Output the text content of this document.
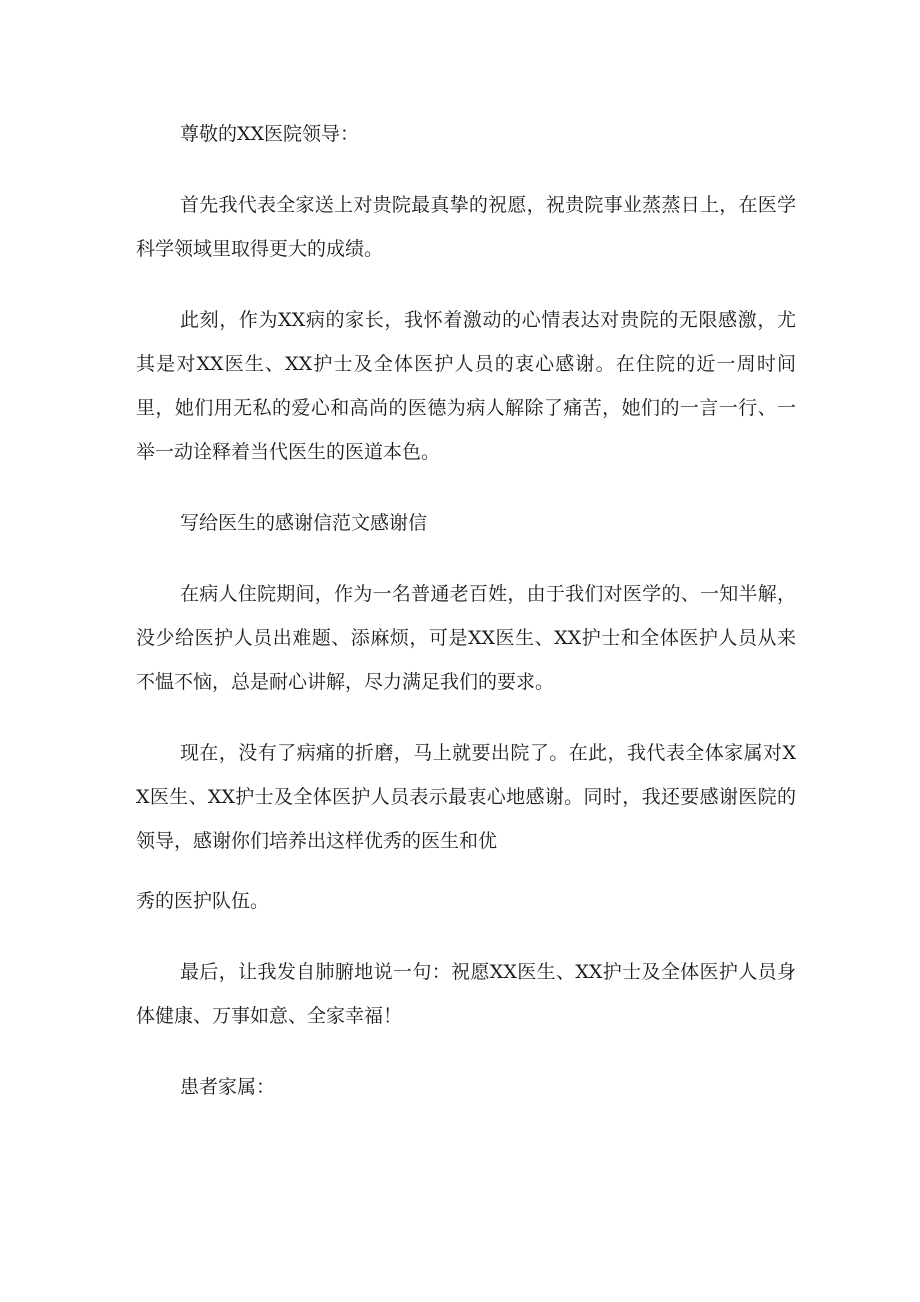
尊敬的XX医院领导：

首先我代表全家送上对贵院最真挚的祝愿，祝贵院事业蒸蒸日上，在医学科学领域里取得更大的成绩。

此刻，作为XX病的家长，我怀着激动的心情表达对贵院的无限感激，尤其是对XX医生、XX护士及全体医护人员的衷心感谢。在住院的近一周时间里，她们用无私的爱心和高尚的医德为病人解除了痛苦，她们的一言一行、一举一动诠释着当代医生的医道本色。

写给医生的感谢信范文感谢信

在病人住院期间，作为一名普通老百姓，由于我们对医学的、一知半解，没少给医护人员出难题、添麻烦，可是XX医生、XX护士和全体医护人员从来不愠不恼，总是耐心讲解，尽力满足我们的要求。

现在，没有了病痛的折磨，马上就要出院了。在此，我代表全体家属对XX医生、XX护士及全体医护人员表示最衷心地感谢。同时，我还要感谢医院的领导，感谢你们培养出这样优秀的医生和优

秀的医护队伍。

最后，让我发自肺腑地说一句：祝愿XX医生、XX护士及全体医护人员身体健康、万事如意、全家幸福！

患者家属：
